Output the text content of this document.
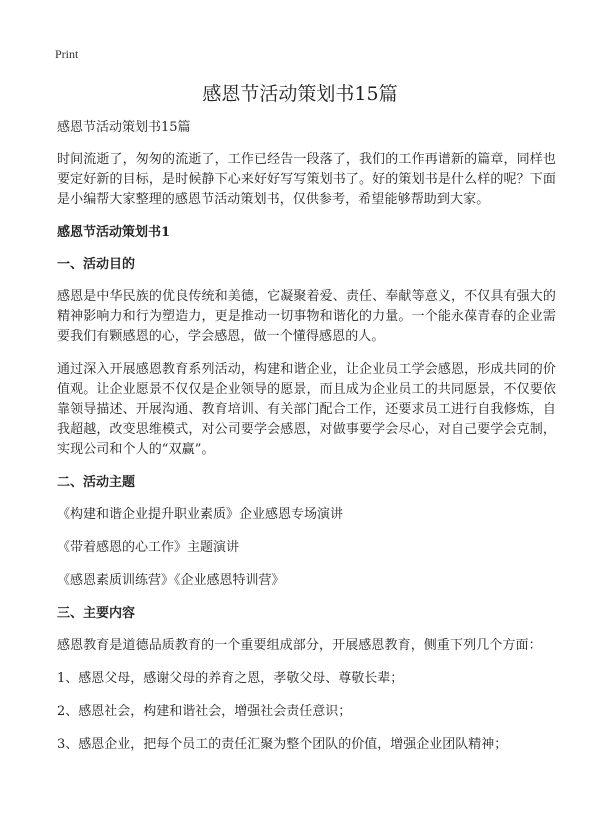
Print
感恩节活动策划书15篇
感恩节活动策划书15篇

时间流逝了，匆匆的流逝了，工作已经告一段落了，我们的工作再谱新的篇章，同样也要定好新的目标，是时候静下心来好好写写策划书了。好的策划书是什么样的呢？下面是小编帮大家整理的感恩节活动策划书，仅供参考，希望能够帮助到大家。

感恩节活动策划书1
一、活动目的

感恩是中华民族的优良传统和美德，它凝聚着爱、责任、奉献等意义，不仅具有强大的精神影响力和行为塑造力，更是推动一切事物和谐化的力量。一个能永葆青春的企业需要我们有颗感恩的心，学会感恩，做一个懂得感恩的人。

通过深入开展感恩教育系列活动，构建和谐企业，让企业员工学会感恩，形成共同的价值观。让企业愿景不仅仅是企业领导的愿景，而且成为企业员工的共同愿景，不仅要依靠领导描述、开展沟通、教育培训、有关部门配合工作，还要求员工进行自我修炼，自我超越，改变思维模式，对公司要学会感恩，对做事要学会尽心，对自己要学会克制，实现公司和个人的“双赢”。

二、活动主题

《构建和谐企业提升职业素质》企业感恩专场演讲

《带着感恩的心工作》主题演讲

《感恩素质训练营》《企业感恩特训营》

三、主要内容

感恩教育是道德品质教育的一个重要组成部分，开展感恩教育，侧重下列几个方面：

1、感恩父母，感谢父母的养育之恩，孝敬父母、尊敬长辈；

2、感恩社会，构建和谐社会，增强社会责任意识；

3、感恩企业，把每个员工的责任汇聚为整个团队的价值，增强企业团队精神；
